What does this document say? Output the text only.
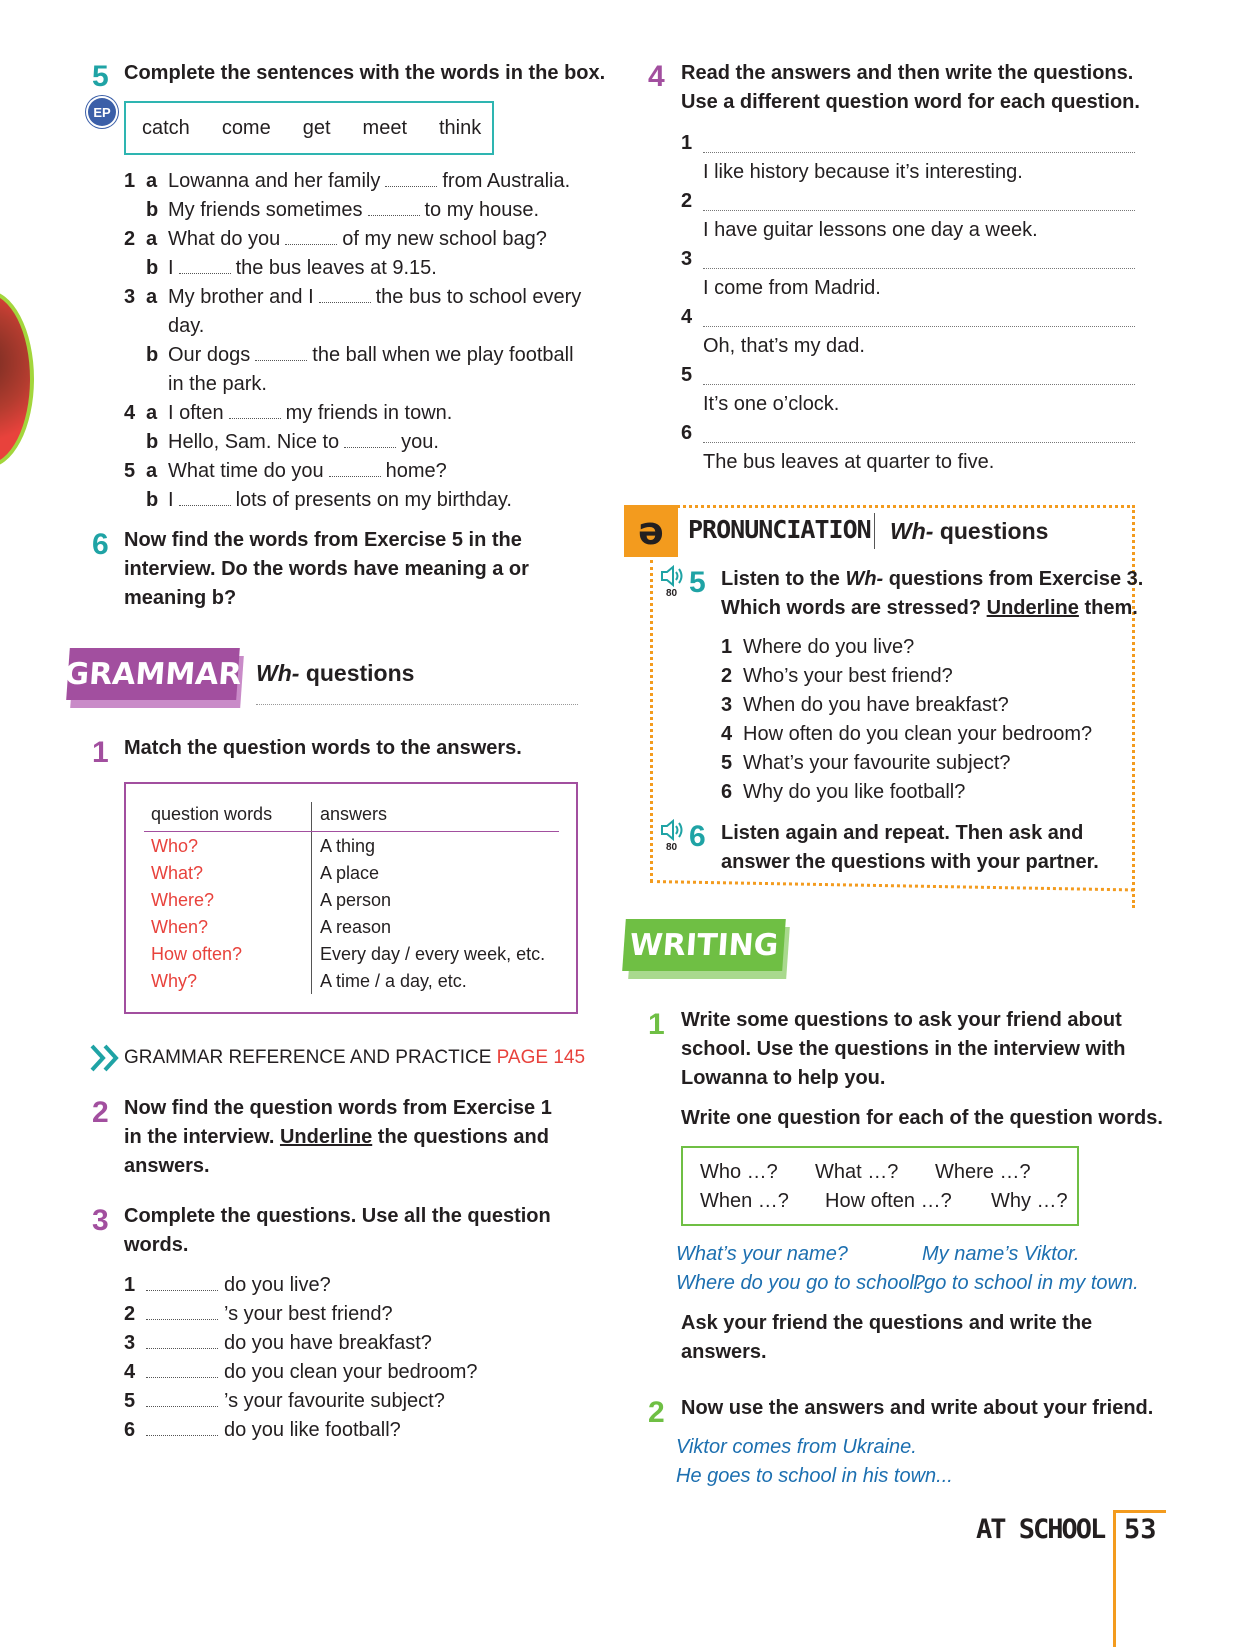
5 Complete the sentences with the words in the box.
EP
catch	come	get	meet	think
1 a Lowanna and her family	from Australia.
b My friends sometimes	to my house.
2 a What do you	of my new school bag?
b I	the bus leaves at 9.15.
3 a My brother and I	the bus to school every
day.
b Our dogs	the ball when we play football
in the park.
4 a I often	my friends in town.
b Hello, Sam. Nice to	you.
5 a What time do you	home?
b I	lots of presents on my birthday.
6 Now find the words from Exercise 5 in the
interview. Do the words have meaning a or
meaning b?
GRAMMAR Wh- questions
1 Match the question words to the answers.
question words	answers
Who?	A thing
What?	A place
Where?	A person
When?	A reason
How often?	Every day / every week, etc.
Why?	A time / a day, etc.
GRAMMAR REFERENCE AND PRACTICE PAGE 145
2 Now find the question words from Exercise 1
in the interview. Underline the questions and
answers.
3 Complete the questions. Use all the question
words.
1	do you live?
2	’s your best friend?
3	do you have breakfast?
4	do you clean your bedroom?
5	’s your favourite subject?
6	do you like football?
4 Read the answers and then write the questions.
Use a different question word for each question.
1
I like history because it’s interesting.
2
I have guitar lessons one day a week.
3
I come from Madrid.
4
Oh, that’s my dad.
5
It’s one o’clock.
6
The bus leaves at quarter to five.
ə PRONUNCIATION Wh- questions
80 5 Listen to the Wh- questions from Exercise 3.
Which words are stressed? Underline them.
1 Where do you live?
2 Who’s your best friend?
3 When do you have breakfast?
4 How often do you clean your bedroom?
5 What’s your favourite subject?
6 Why do you like football?
80 6 Listen again and repeat. Then ask and
answer the questions with your partner.
WRITING
1 Write some questions to ask your friend about
school. Use the questions in the interview with
Lowanna to help you.
Write one question for each of the question words.
Who …? What …? Where …?
When …? How often …? Why …?
What’s your name?	My name’s Viktor.
Where do you go to school?
I go to school in my town.
Ask your friend the questions and write the
answers.
2 Now use the answers and write about your friend.
Viktor comes from Ukraine.
He goes to school in his town...
AT SCHOOL 53
